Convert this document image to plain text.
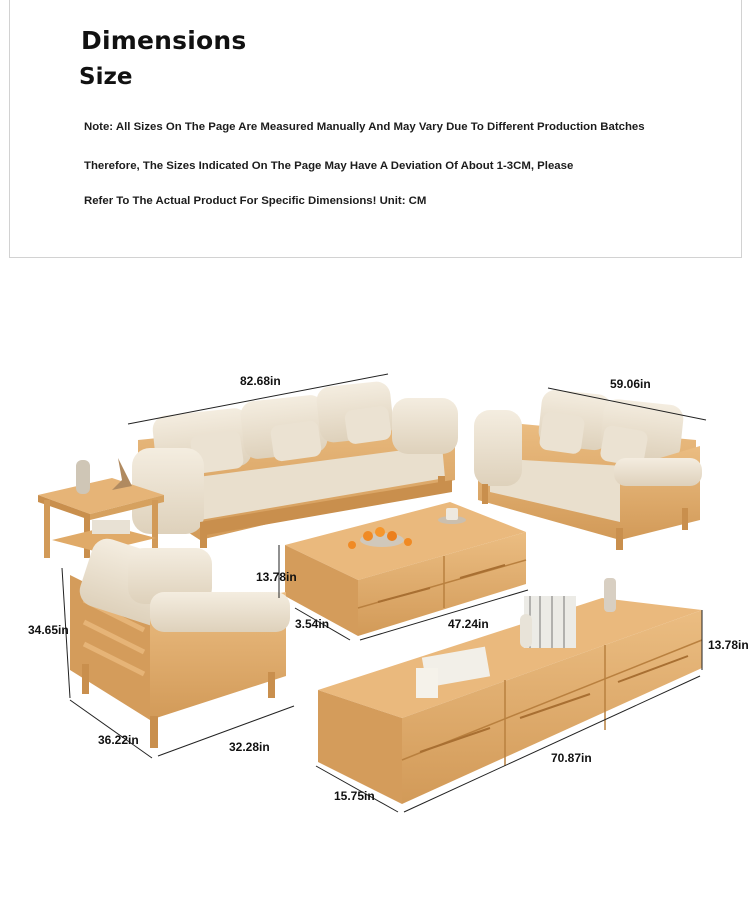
Dimensions
Size

Note: All Sizes On The Page Are Measured Manually And May Vary Due To Different Production Batches

Therefore, The Sizes Indicated On The Page May Have A Deviation Of About 1-3CM, Please

Refer To The Actual Product For Specific Dimensions! Unit: CM

82.68in	59.06in
34.65in
36.22in	32.28in
13.78in
3.54in	47.24in
13.78in
70.87in
15.75in
